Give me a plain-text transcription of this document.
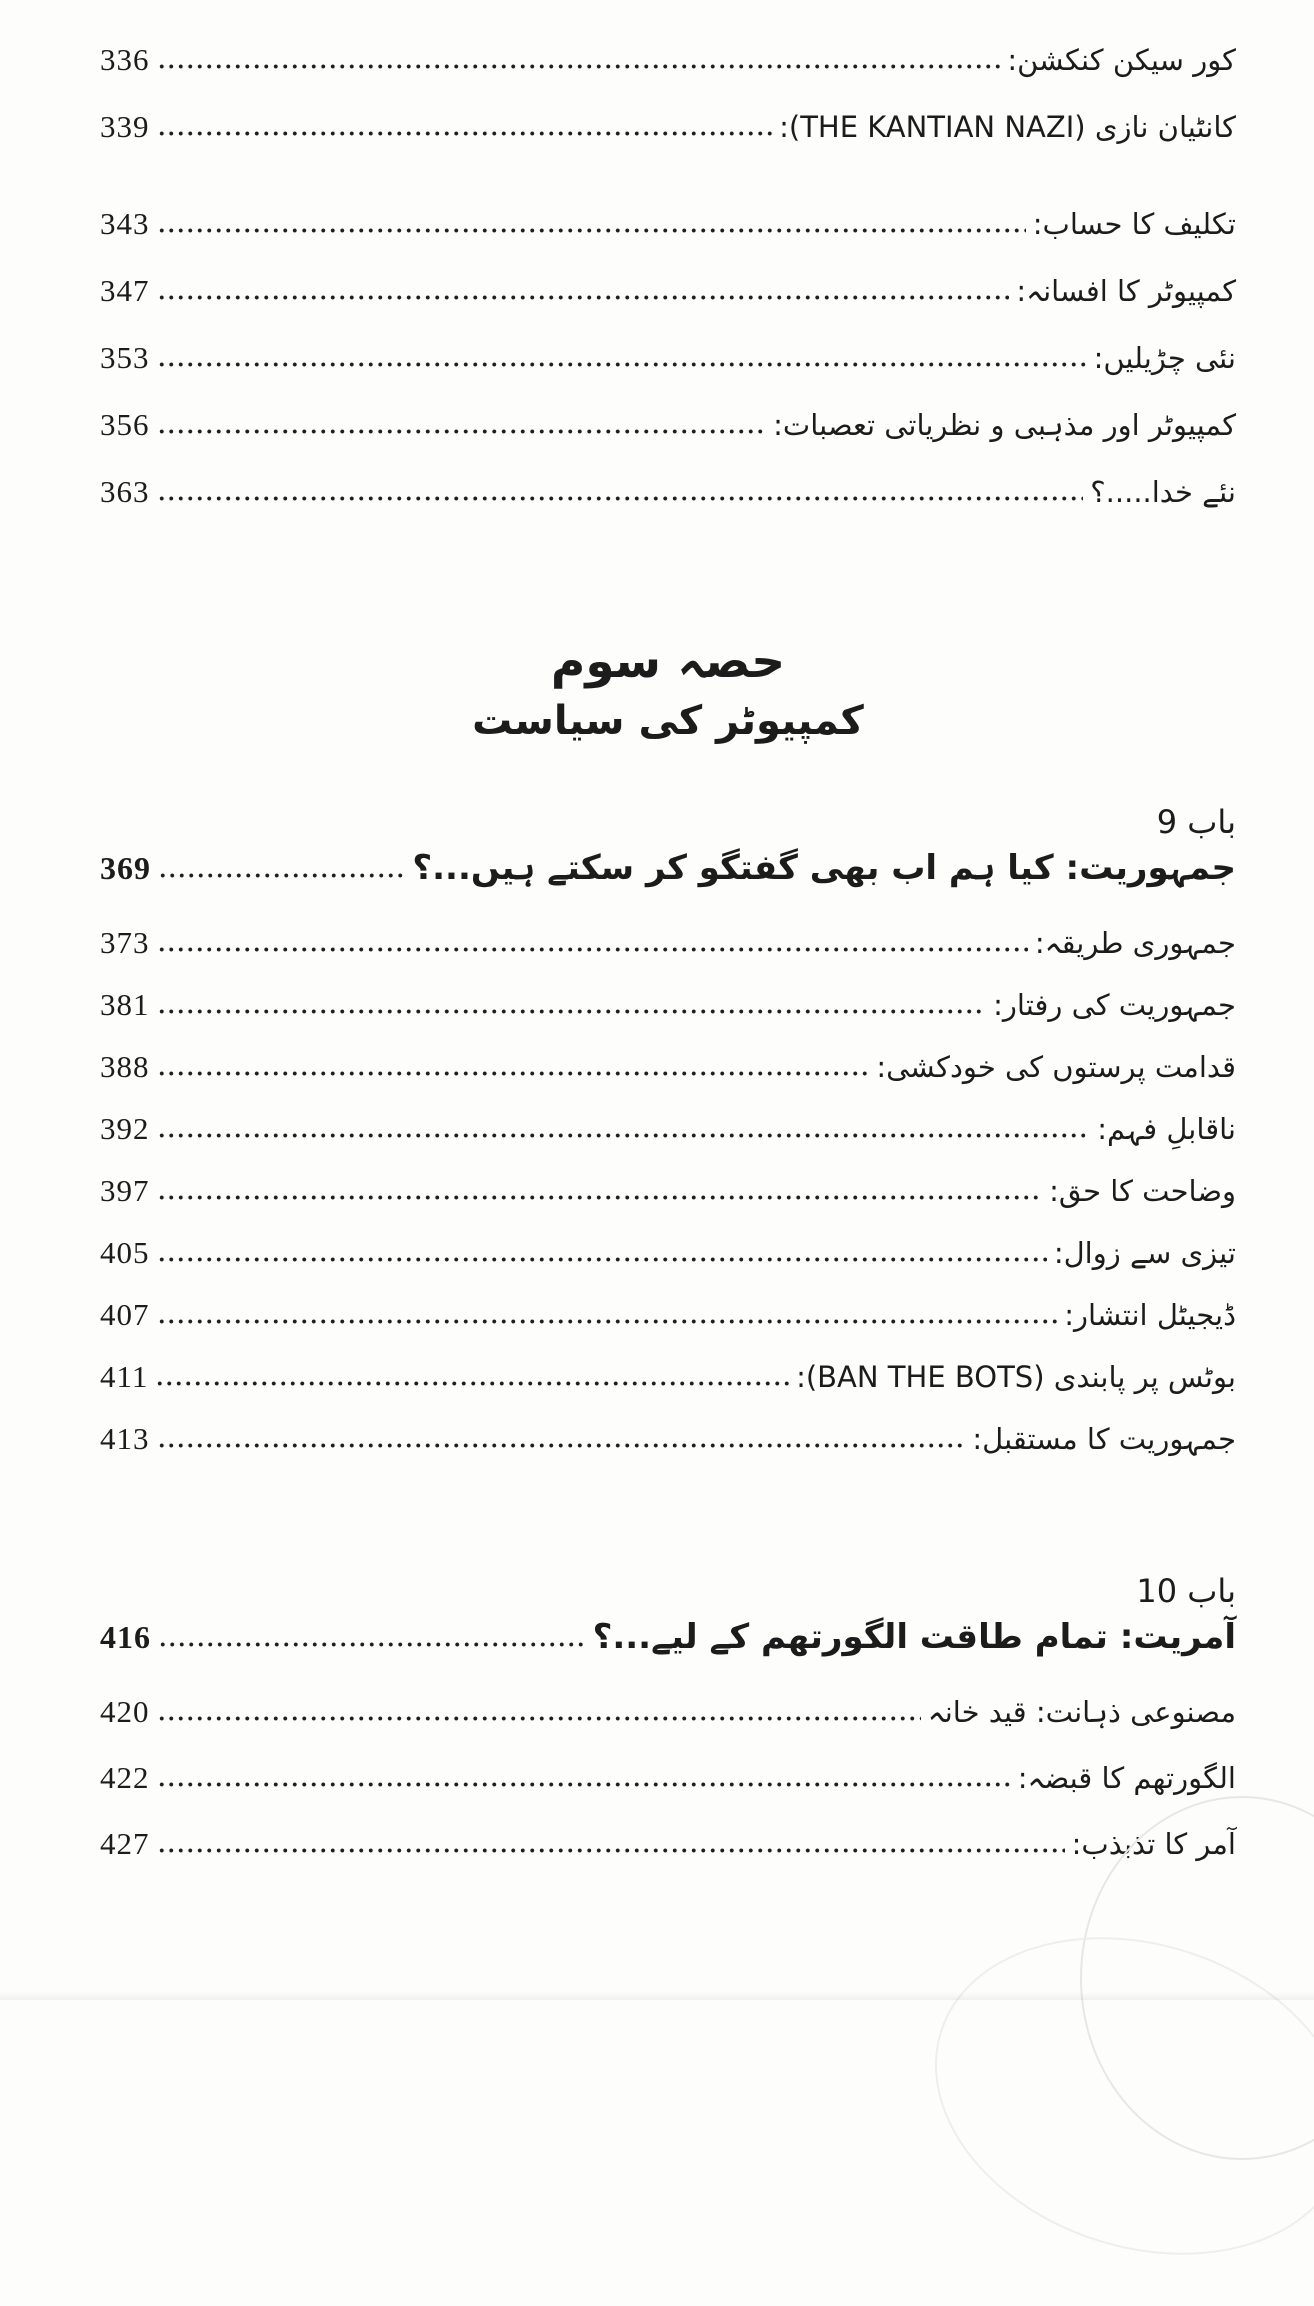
کور سیکن کنکشن:
336
کانٹیان نازی (THE KANTIAN NAZI):
339
تکلیف کا حساب:
343
کمپیوٹر کا افسانہ:
347
نئی چڑیلیں:
353
کمپیوٹر اور مذہبی و نظریاتی تعصبات:
356
نئے خدا.....؟
363
حصہ سوم
کمپیوٹر کی سیاست
باب 9
جمہوریت: کیا ہم اب بھی گفتگو کر سکتے ہیں...؟
369
جمہوری طریقہ:
373
جمہوریت کی رفتار:
381
قدامت پرستوں کی خودکشی:
388
ناقابلِ فہم:
392
وضاحت کا حق:
397
تیزی سے زوال:
405
ڈیجیٹل انتشار:
407
بوٹس پر پابندی (BAN THE BOTS):
411
جمہوریت کا مستقبل:
413
باب 10
آمریت: تمام طاقت الگورتھم کے لیے...؟
416
مصنوعی ذہانت: قید خانہ
420
الگورتھم کا قبضہ:
422
آمر کا تذبذب:
427
